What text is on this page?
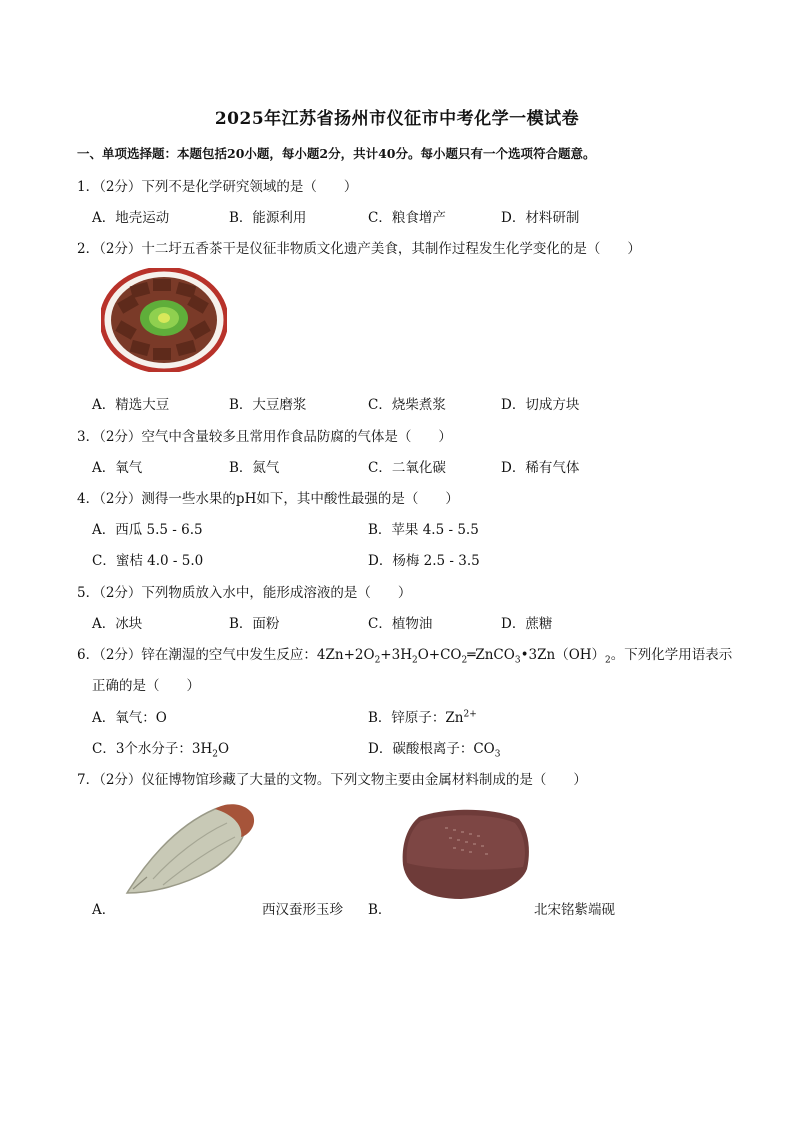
2025年江苏省扬州市仪征市中考化学一模试卷
一、单项选择题：本题包括20小题，每小题2分，共计40分。每小题只有一个选项符合题意。
1．（2分）下列不是化学研究领域的是（　　）
A．地壳运动	B．能源利用	C．粮食增产	D．材料研制
2．（2分）十二圩五香茶干是仪征非物质文化遗产美食，其制作过程发生化学变化的是（　　）
A．精选大豆	B．大豆磨浆	C．烧柴煮浆	D．切成方块
3．（2分）空气中含量较多且常用作食品防腐的气体是（　　）
A．氧气	B．氮气	C．二氧化碳	D．稀有气体
4．（2分）测得一些水果的pH如下，其中酸性最强的是（　　）
A．西瓜 5.5 - 6.5	B．苹果 4.5 - 5.5
C．蜜桔 4.0 - 5.0	D．杨梅 2.5 - 3.5
5．（2分）下列物质放入水中，能形成溶液的是（　　）
A．冰块	B．面粉	C．植物油	D．蔗糖
6．（2分）锌在潮湿的空气中发生反应：$4Zn+2O_2+3H_2O+CO_2═ZnCO_3•3Zn(OH)_2$。下列化学用语表示
正确的是（　　）
A．氧气：O	B．锌原子：$Zn^{2+}$
C．3个水分子：$3H_2O$	D．碳酸根离子：$CO_3$
7．（2分）仪征博物馆珍藏了大量的文物。下列文物主要由金属材料制成的是（　　）
A．	西汉蚕形玉珍 B．	北宋铭紫端砚
